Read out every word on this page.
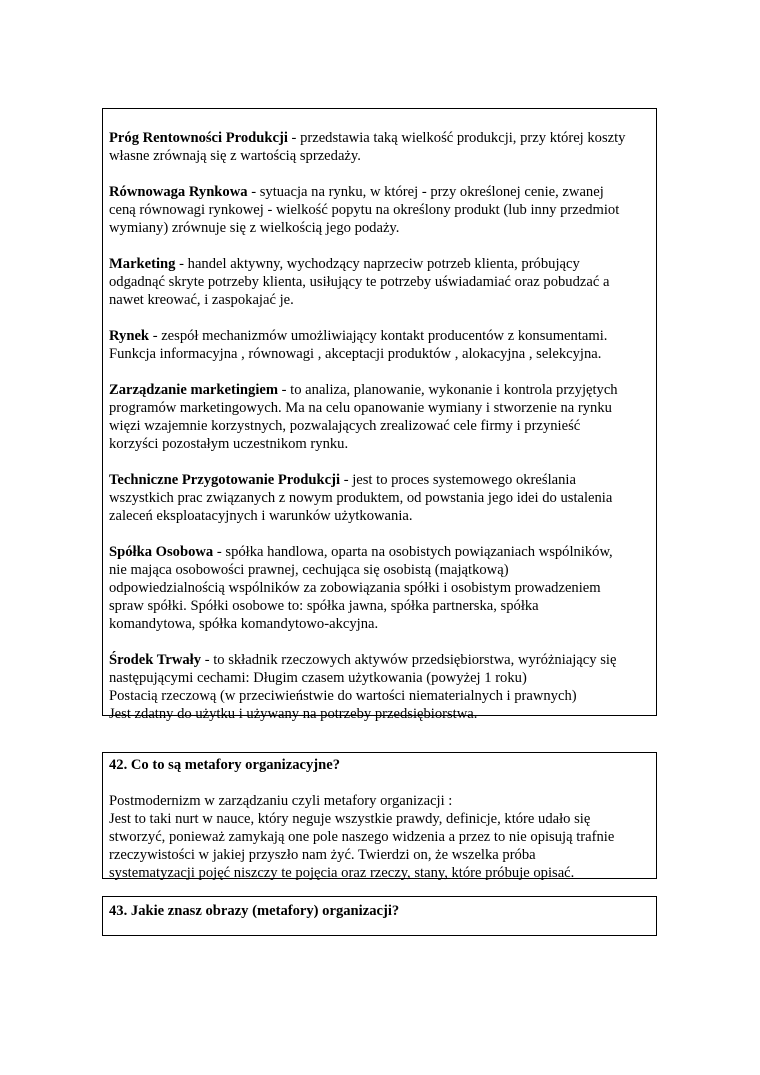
Próg Rentowności Produkcji - przedstawia taką wielkość produkcji, przy której koszty
własne zrównają się z wartością sprzedaży.

Równowaga Rynkowa - sytuacja na rynku, w której - przy określonej cenie, zwanej
ceną równowagi rynkowej - wielkość popytu na określony produkt (lub inny przedmiot
wymiany) zrównuje się z wielkością jego podaży.

Marketing - handel aktywny, wychodzący naprzeciw potrzeb klienta, próbujący
odgadnąć skryte potrzeby klienta, usiłujący te potrzeby uświadamiać oraz pobudzać a
nawet kreować, i zaspokajać je.

Rynek - zespół mechanizmów umożliwiający kontakt producentów z konsumentami.
Funkcja informacyjna , równowagi , akceptacji produktów , alokacyjna , selekcyjna.

Zarządzanie marketingiem - to analiza, planowanie, wykonanie i kontrola przyjętych
programów marketingowych. Ma na celu opanowanie wymiany i stworzenie na rynku
więzi wzajemnie korzystnych, pozwalających zrealizować cele firmy i przynieść
korzyści pozostałym uczestnikom rynku.

Techniczne Przygotowanie Produkcji - jest to proces systemowego określania
wszystkich prac związanych z nowym produktem, od powstania jego idei do ustalenia
zaleceń eksploatacyjnych i warunków użytkowania.

Spółka Osobowa - spółka handlowa, oparta na osobistych powiązaniach wspólników,
nie mająca osobowości prawnej, cechująca się osobistą (majątkową)
odpowiedzialnością wspólników za zobowiązania spółki i osobistym prowadzeniem
spraw spółki. Spółki osobowe to: spółka jawna, spółka partnerska, spółka
komandytowa, spółka komandytowo-akcyjna.

Środek Trwały - to składnik rzeczowych aktywów przedsiębiorstwa, wyróżniający się
następującymi cechami: Długim czasem użytkowania (powyżej 1 roku)
Postacią rzeczową (w przeciwieństwie do wartości niematerialnych i prawnych)
Jest zdatny do użytku i używany na potrzeby przedsiębiorstwa.

42. Co to są metafory organizacyjne?

Postmodernizm w zarządzaniu czyli metafory organizacji :

Jest to taki nurt w nauce, który neguje wszystkie prawdy, definicje, które udało się

stworzyć, ponieważ zamykają one pole naszego widzenia a przez to nie opisują trafnie

rzeczywistości w jakiej przyszło nam żyć. Twierdzi on, że wszelka próba

systematyzacji pojęć niszczy te pojęcia oraz rzeczy, stany, które próbuje opisać.

43. Jakie znasz obrazy (metafory) organizacji?
